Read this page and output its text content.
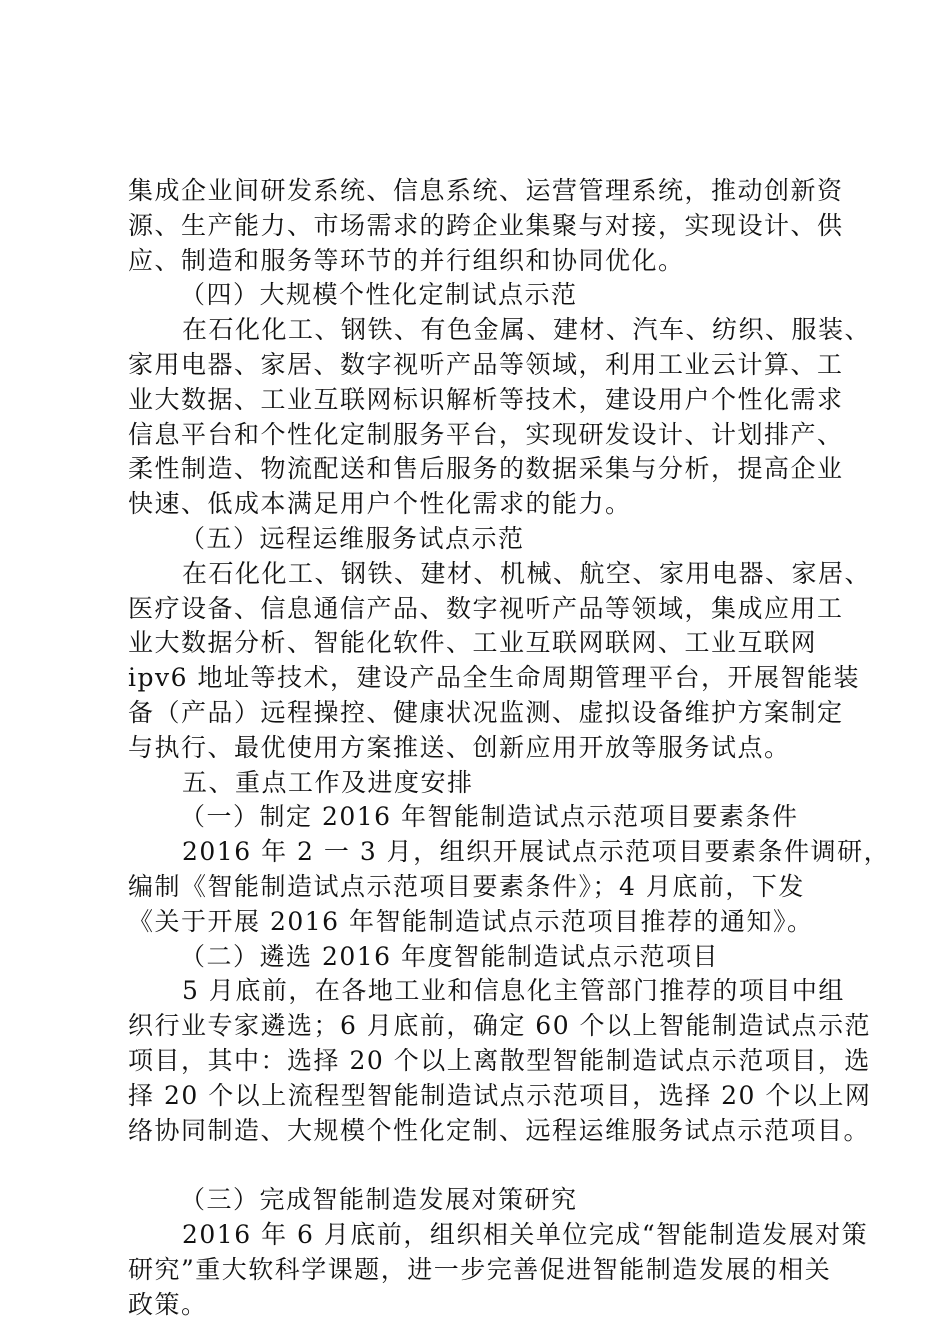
集成企业间研发系统、信息系统、运营管理系统，推动创新资
源、生产能力、市场需求的跨企业集聚与对接，实现设计、供
应、制造和服务等环节的并行组织和协同优化。
（四）大规模个性化定制试点示范
在石化化工、钢铁、有色金属、建材、汽车、纺织、服装、
家用电器、家居、数字视听产品等领域，利用工业云计算、工
业大数据、工业互联网标识解析等技术，建设用户个性化需求
信息平台和个性化定制服务平台，实现研发设计、计划排产、
柔性制造、物流配送和售后服务的数据采集与分析，提高企业
快速、低成本满足用户个性化需求的能力。
（五）远程运维服务试点示范
在石化化工、钢铁、建材、机械、航空、家用电器、家居、
医疗设备、信息通信产品、数字视听产品等领域，集成应用工
业大数据分析、智能化软件、工业互联网联网、工业互联网
ipv6 地址等技术，建设产品全生命周期管理平台，开展智能装
备（产品）远程操控、健康状况监测、虚拟设备维护方案制定
与执行、最优使用方案推送、创新应用开放等服务试点。
五、重点工作及进度安排
（一）制定 2016 年智能制造试点示范项目要素条件
2016 年 2 一 3 月，组织开展试点示范项目要素条件调研，
编制《智能制造试点示范项目要素条件》；4 月底前，下发
《关于开展 2016 年智能制造试点示范项目推荐的通知》。
（二）遴选 2016 年度智能制造试点示范项目
5 月底前，在各地工业和信息化主管部门推荐的项目中组
织行业专家遴选；6 月底前，确定 60 个以上智能制造试点示范
项目，其中：选择 20 个以上离散型智能制造试点示范项目，选
择 20 个以上流程型智能制造试点示范项目，选择 20 个以上网
络协同制造、大规模个性化定制、远程运维服务试点示范项目。
（三）完成智能制造发展对策研究
2016 年 6 月底前，组织相关单位完成“智能制造发展对策
研究”重大软科学课题，进一步完善促进智能制造发展的相关
政策。
